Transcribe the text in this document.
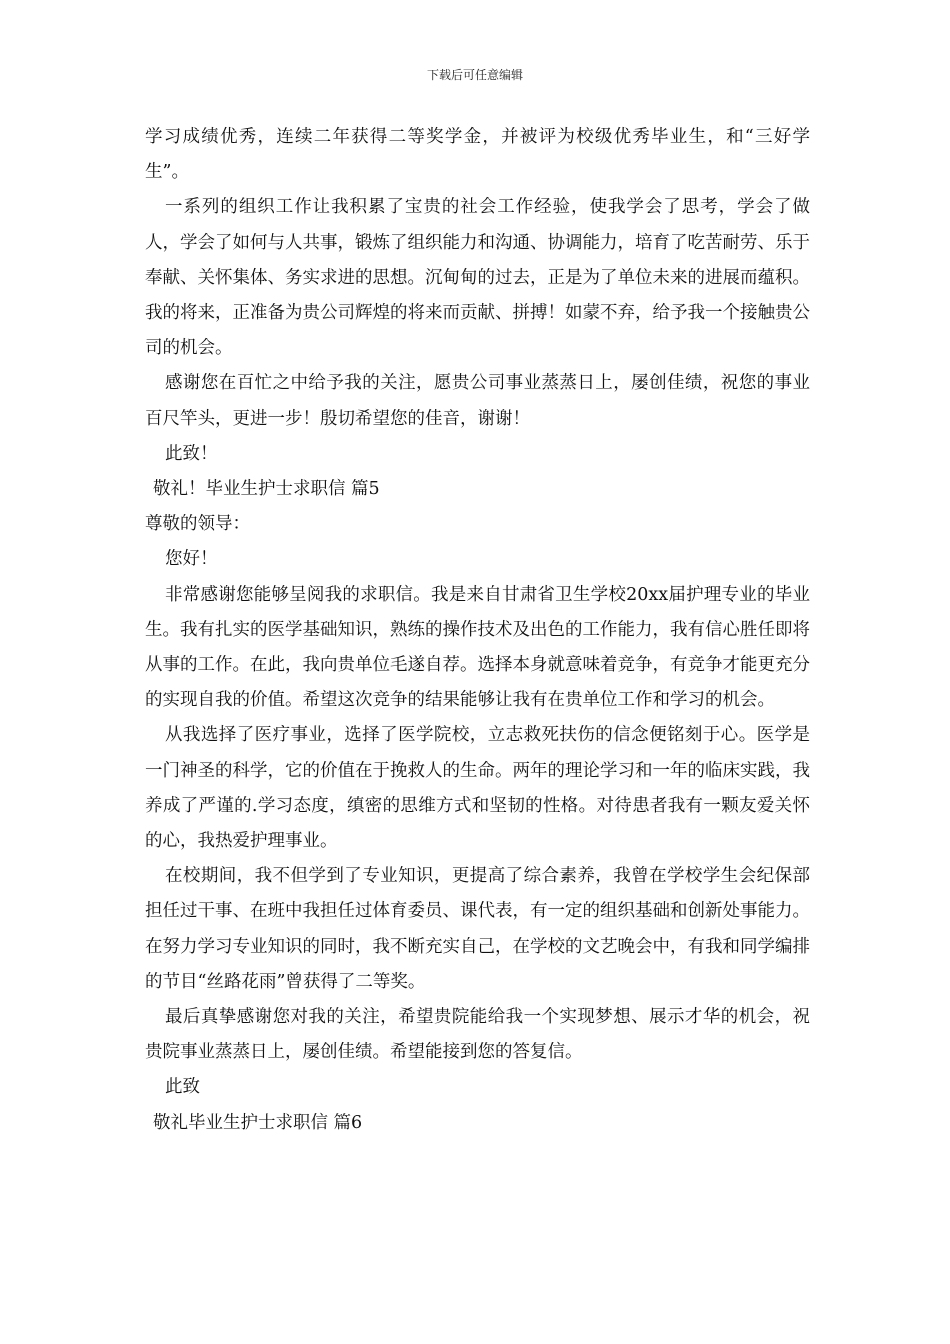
下载后可任意编辑

学习成绩优秀，连续二年获得二等奖学金，并被评为校级优秀毕业生，和“三好学生”。

一系列的组织工作让我积累了宝贵的社会工作经验，使我学会了思考，学会了做人，学会了如何与人共事，锻炼了组织能力和沟通、协调能力，培育了吃苦耐劳、乐于奉献、关怀集体、务实求进的思想。沉甸甸的过去，正是为了单位未来的进展而蕴积。我的将来，正准备为贵公司辉煌的将来而贡献、拼搏！如蒙不弃，给予我一个接触贵公司的机会。

感谢您在百忙之中给予我的关注，愿贵公司事业蒸蒸日上，屡创佳绩，祝您的事业百尺竿头，更进一步！殷切希望您的佳音，谢谢！

此致！

敬礼！毕业生护士求职信 篇5

尊敬的领导：

您好！

非常感谢您能够呈阅我的求职信。我是来自甘肃省卫生学校20xx届护理专业的毕业生。我有扎实的医学基础知识，熟练的操作技术及出色的工作能力，我有信心胜任即将从事的工作。在此，我向贵单位毛遂自荐。选择本身就意味着竞争，有竞争才能更充分的实现自我的价值。希望这次竞争的结果能够让我有在贵单位工作和学习的机会。

从我选择了医疗事业，选择了医学院校，立志救死扶伤的信念便铭刻于心。医学是一门神圣的科学，它的价值在于挽救人的生命。两年的理论学习和一年的临床实践，我养成了严谨的.学习态度，缜密的思维方式和坚韧的性格。对待患者我有一颗友爱关怀的心，我热爱护理事业。

在校期间，我不但学到了专业知识，更提高了综合素养，我曾在学校学生会纪保部担任过干事、在班中我担任过体育委员、课代表，有一定的组织基础和创新处事能力。在努力学习专业知识的同时，我不断充实自己，在学校的文艺晚会中，有我和同学编排的节目“丝路花雨”曾获得了二等奖。

最后真挚感谢您对我的关注，希望贵院能给我一个实现梦想、展示才华的机会，祝贵院事业蒸蒸日上，屡创佳绩。希望能接到您的答复信。

此致

敬礼毕业生护士求职信 篇6
